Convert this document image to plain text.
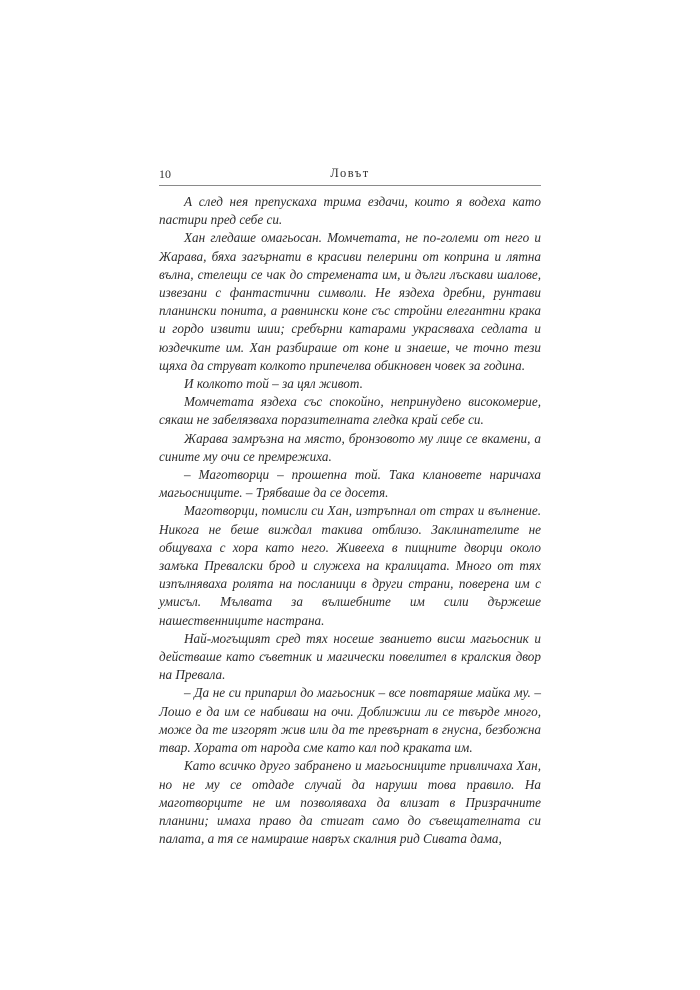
10	Ловът

А след нея препускаха трима ездачи, които я водеха като пастири пред себе си.

Хан гледаше омагьосан. Момчетата, не по-големи от него и Жарава, бяха загърнати в красиви пелерини от коприна и лятна вълна, стелещи се чак до стремената им, и дълги лъскави шалове, извезани с фантастични символи. Не яздеха дребни, рунтави планински понита, а равнински коне със стройни елегантни крака и гордо извити шии; сребърни катарами украсяваха седлата и юздечките им. Хан разбираше от коне и знаеше, че точно тези щяха да струват колкото припечелва обикновен човек за година.

И колкото той – за цял живот.

Момчетата яздеха със спокойно, непринудено високомерие, сякаш не забелязваха поразителната гледка край себе си.

Жарава замръзна на място, бронзовото му лице се вкамени, а сините му очи се премрежиха.

– Маготворци – прошепна той. Така клановете наричаха магьосниците. – Трябваше да се досетя.

Маготворци, помисли си Хан, изтръпнал от страх и вълнение. Никога не беше виждал такива отблизо. Заклинателите не общуваха с хора като него. Живееха в пищните дворци около замъка Превалски брод и служеха на кралицата. Много от тях изпълняваха ролята на посланици в други страни, поверена им с умисъл. Мълвата за вълшебните им сили държеше нашественниците настрана.

Най-могъщият сред тях носеше званието висш магьосник и действаше като съветник и магически повелител в кралския двор на Превала.

– Да не си припарил до магьосник – все повтаряше майка му. – Лошо е да им се набиваш на очи. Доближиш ли се твърде много, може да те изгорят жив или да те превърнат в гнусна, безбожна твар. Хората от народа сме като кал под краката им.

Като всичко друго забранено и магьосниците привличаха Хан, но не му се отдаде случай да наруши това правило. На маготворците не им позволяваха да влизат в Призрачните планини; имаха право да стигат само до съвещателната си палата, а тя се намираше навръх скалния рид Сивата дама,
